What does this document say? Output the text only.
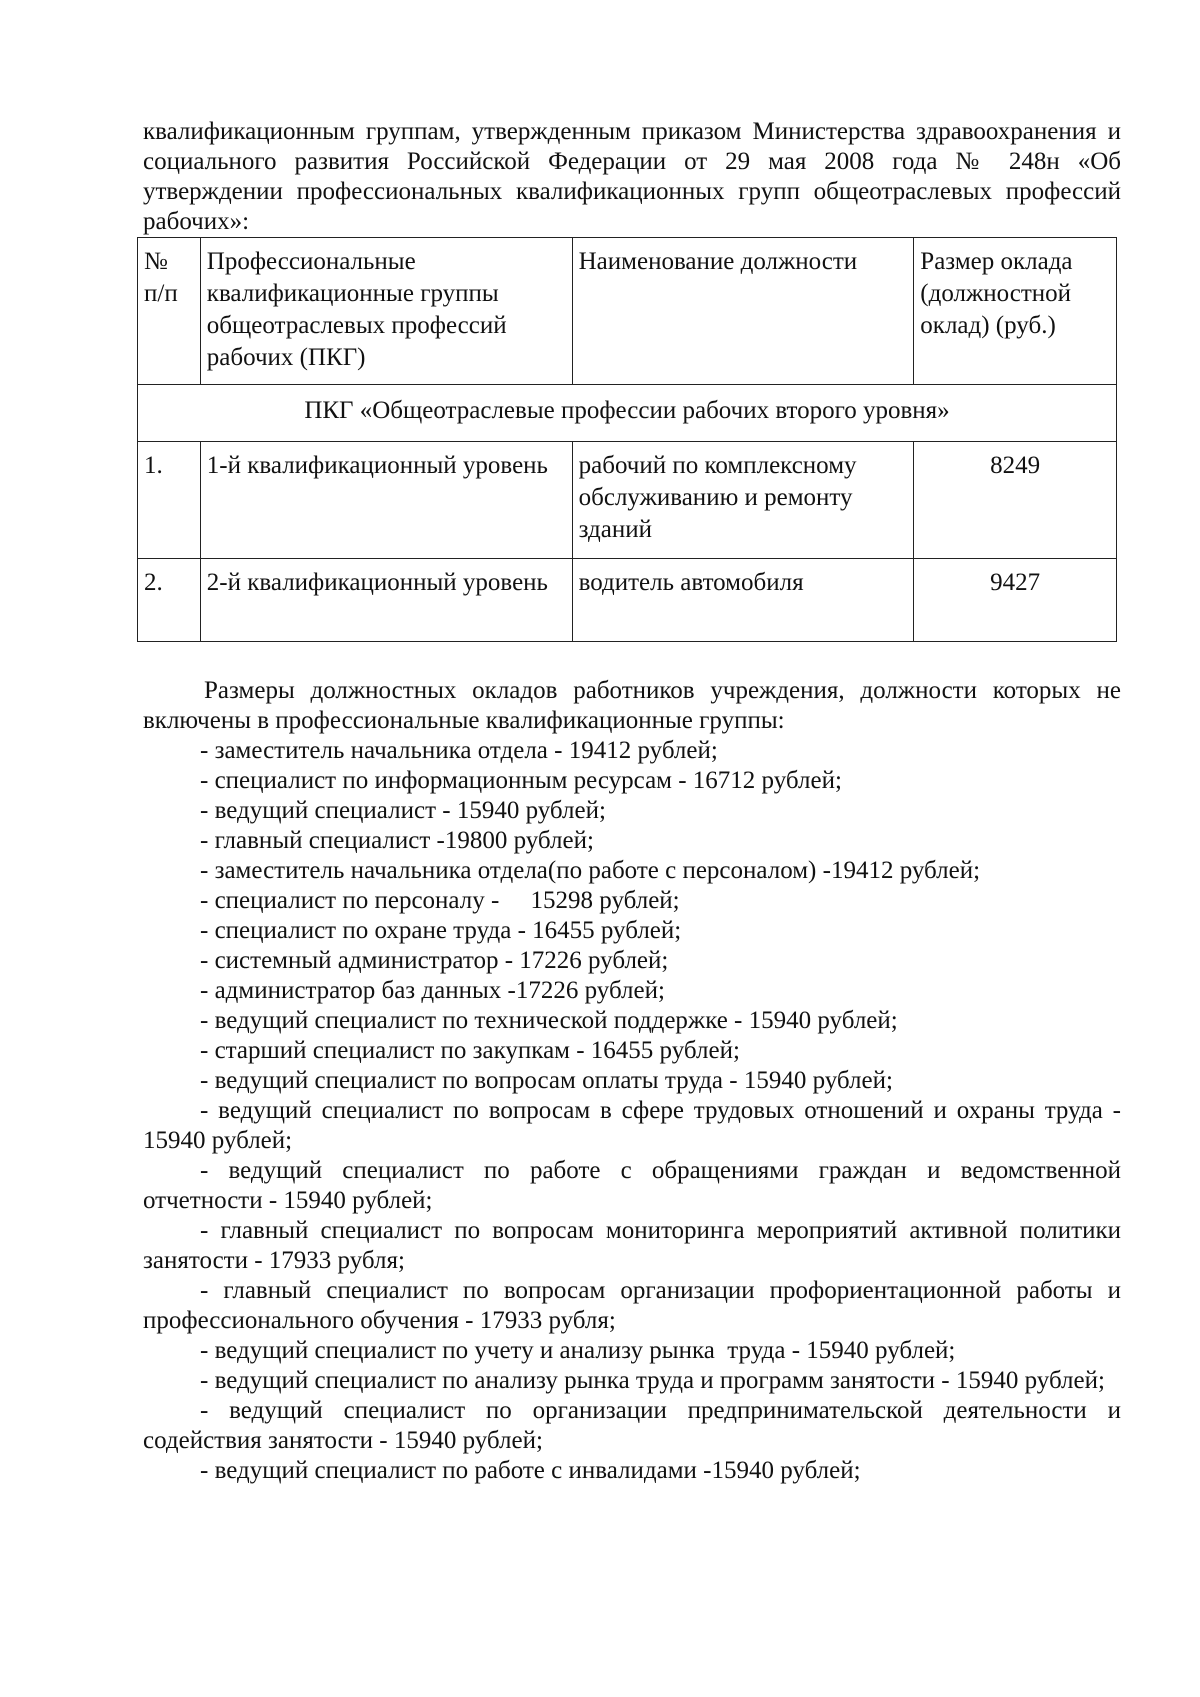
квалификационным группам, утвержденным приказом Министерства здравоохранения и социального развития Российской Федерации от 29 мая 2008 года № 248н «Об утверждении профессиональных квалификационных групп общеотраслевых профессий рабочих»:

№ п/п	Профессиональные квалификационные группы общеотраслевых профессий рабочих (ПКГ)	Наименование должности	Размер оклада (должностной оклад) (руб.)
ПКГ «Общеотраслевые профессии рабочих второго уровня»			
1.	1-й квалификационный уровень	рабочий по комплексному обслуживанию и ремонту зданий	8249
2.	2-й квалификационный уровень	водитель автомобиля	9427

Размеры должностных окладов работников учреждения, должности которых не включены в профессиональные квалификационные группы:

- заместитель начальника отдела - 19412 рублей;
- специалист по информационным ресурсам - 16712 рублей;
- ведущий специалист - 15940 рублей;
- главный специалист -19800 рублей;
- заместитель начальника отдела(по работе с персоналом) -19412 рублей;
- специалист по персоналу -     15298 рублей;
- специалист по охране труда - 16455 рублей;
- системный администратор - 17226 рублей;
- администратор баз данных -17226 рублей;
- ведущий специалист по технической поддержке - 15940 рублей;
- старший специалист по закупкам - 16455 рублей;
- ведущий специалист по вопросам оплаты труда - 15940 рублей;
- ведущий специалист по вопросам в сфере трудовых отношений и охраны труда - 15940 рублей;
- ведущий специалист по работе с обращениями граждан и ведомственной отчетности - 15940 рублей;
- главный специалист по вопросам мониторинга мероприятий активной политики занятости - 17933 рубля;
- главный специалист по вопросам организации профориентационной работы и профессионального обучения - 17933 рубля;
- ведущий специалист по учету и анализу рынка  труда - 15940 рублей;
- ведущий специалист по анализу рынка труда и программ занятости - 15940 рублей;
- ведущий специалист по организации предпринимательской деятельности и содействия занятости - 15940 рублей;
- ведущий специалист по работе с инвалидами -15940 рублей;
